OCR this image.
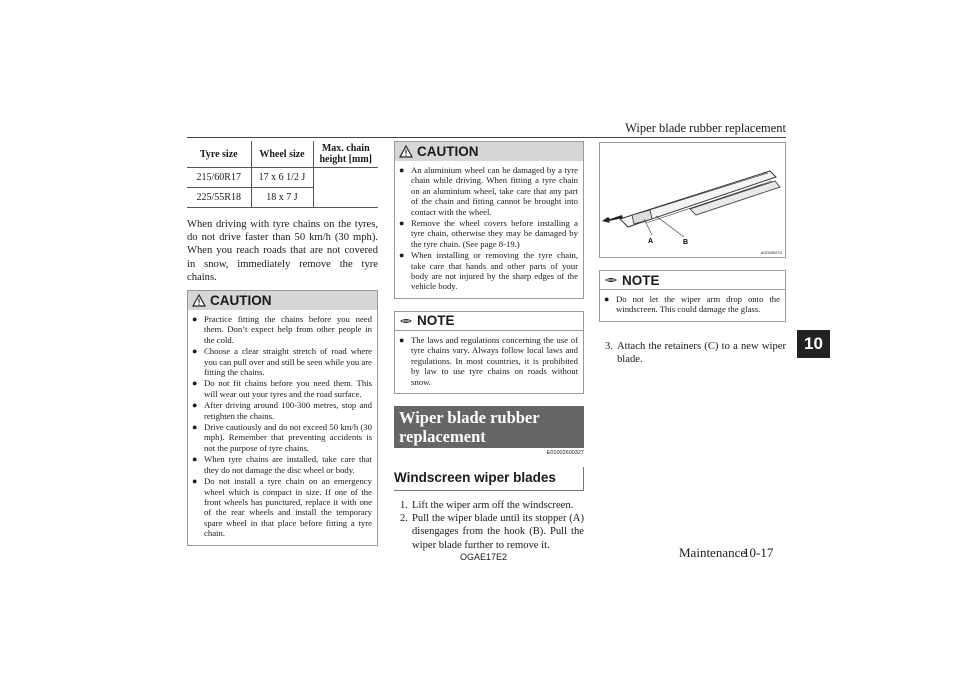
Wiper blade rubber replacement
10
Tyre size	Wheel size	Max. chain height [mm]
215/60R17	17 x 6 1/2 J	
225/55R18	18 x 7 J	

When driving with tyre chains on the tyres, do not drive faster than 50 km/h (30 mph). When you reach roads that are not covered in snow, immediately remove the tyre chains.

CAUTION
● Practice fitting the chains before you need them. Don’t expect help from other people in the cold.
● Choose a clear straight stretch of road where you can pull over and still be seen while you are fitting the chains.
● Do not fit chains before you need them. This will wear out your tyres and the road surface.
● After driving around 100-300 metres, stop and retighten the chains.
● Drive cautiously and do not exceed 50 km/h (30 mph). Remember that preventing accidents is not the purpose of tyre chains.
● When tyre chains are installed, take care that they do not damage the disc wheel or body.
● Do not install a tyre chain on an emergency wheel which is compact in size. If one of the front wheels has punctured, replace it with one of the rear wheels and install the temporary spare wheel in that place before fitting a tyre chain.
CAUTION
● An aluminium wheel can be damaged by a tyre chain while driving. When fitting a tyre chain on an aluminium wheel, take care that any part of the chain and fitting cannot be brought into contact with the wheel.
● Remove the wheel covers before installing a tyre chain, otherwise they may be damaged by the tyre chain. (See page 8-19.)
● When installing or removing the tyre chain, take care that hands and other parts of your body are not injured by the sharp edges of the vehicle body.
NOTE
● The laws and regulations concerning the use of tyre chains vary. Always follow local laws and regulations. In most countries, it is prohibited by law to use tyre chains on roads without snow.
Wiper blade rubber
replacement
E01002600327
Windscreen wiper blades
1. Lift the wiper arm off the windscreen.
2. Pull the wiper blade until its stopper (A) disengages from the hook (B). Pull the wiper blade further to remove it.
A	B
AG0005274
NOTE
● Do not let the wiper arm drop onto the windscreen. This could damage the glass.
3. Attach the retainers (C) to a new wiper blade.
OGAE17E2	Maintenance
10-17
